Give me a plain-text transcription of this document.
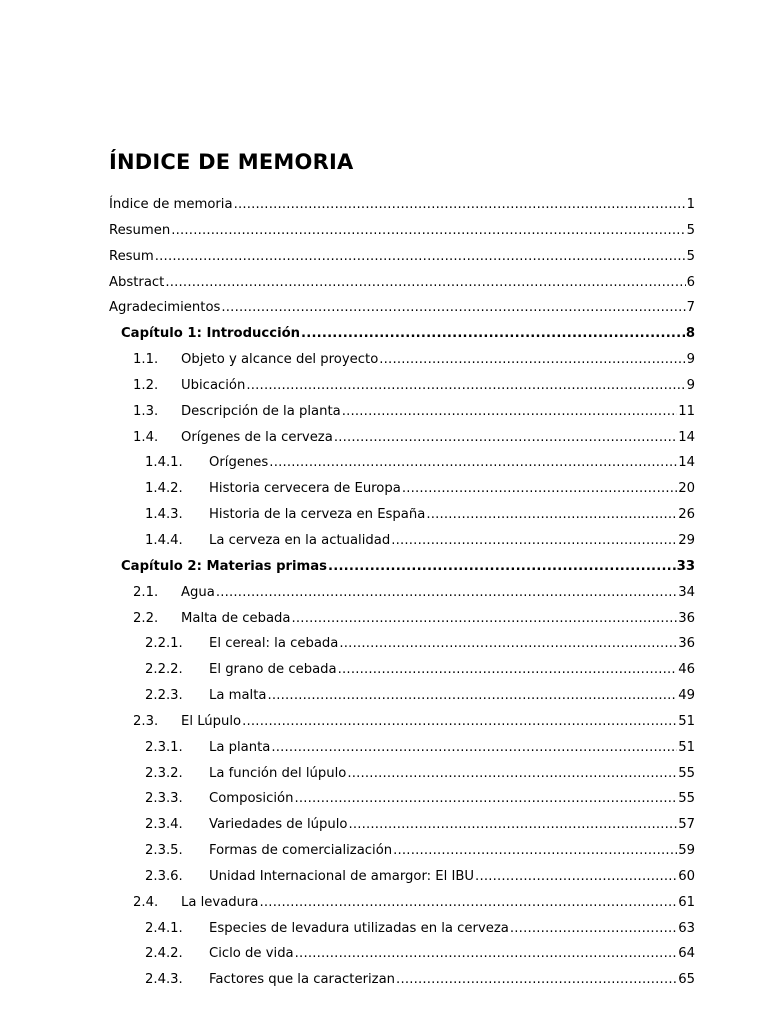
ÍNDICE DE MEMORIA
Índice de memoria .....	1
Resumen .....	5
Resum .....	5
Abstract .....	6
Agradecimientos .....	7
Capítulo 1: Introducción .....	8
1.1.	Objeto y alcance del proyecto .....	9
1.2.	Ubicación .....	9
1.3.	Descripción de la planta .....	11
1.4.	Orígenes de la cerveza .....	14
1.4.1.	Orígenes .....	14
1.4.2.	Historia cervecera de Europa .....	20
1.4.3.	Historia de la cerveza en España .....	26
1.4.4.	La cerveza en la actualidad .....	29
Capítulo 2: Materias primas .....	33
2.1.	Agua .....	34
2.2.	Malta de cebada .....	36
2.2.1.	El cereal: la cebada .....	36
2.2.2.	El grano de cebada .....	46
2.2.3.	La malta .....	49
2.3.	El Lúpulo .....	51
2.3.1.	La planta .....	51
2.3.2.	La función del lúpulo .....	55
2.3.3.	Composición .....	55
2.3.4.	Variedades de lúpulo .....	57
2.3.5.	Formas de comercialización .....	59
2.3.6.	Unidad Internacional de amargor: El IBU .....	60
2.4.	La levadura .....	61
2.4.1.	Especies de levadura utilizadas en la cerveza .....	63
2.4.2.	Ciclo de vida .....	64
2.4.3.	Factores que la caracterizan .....	65
